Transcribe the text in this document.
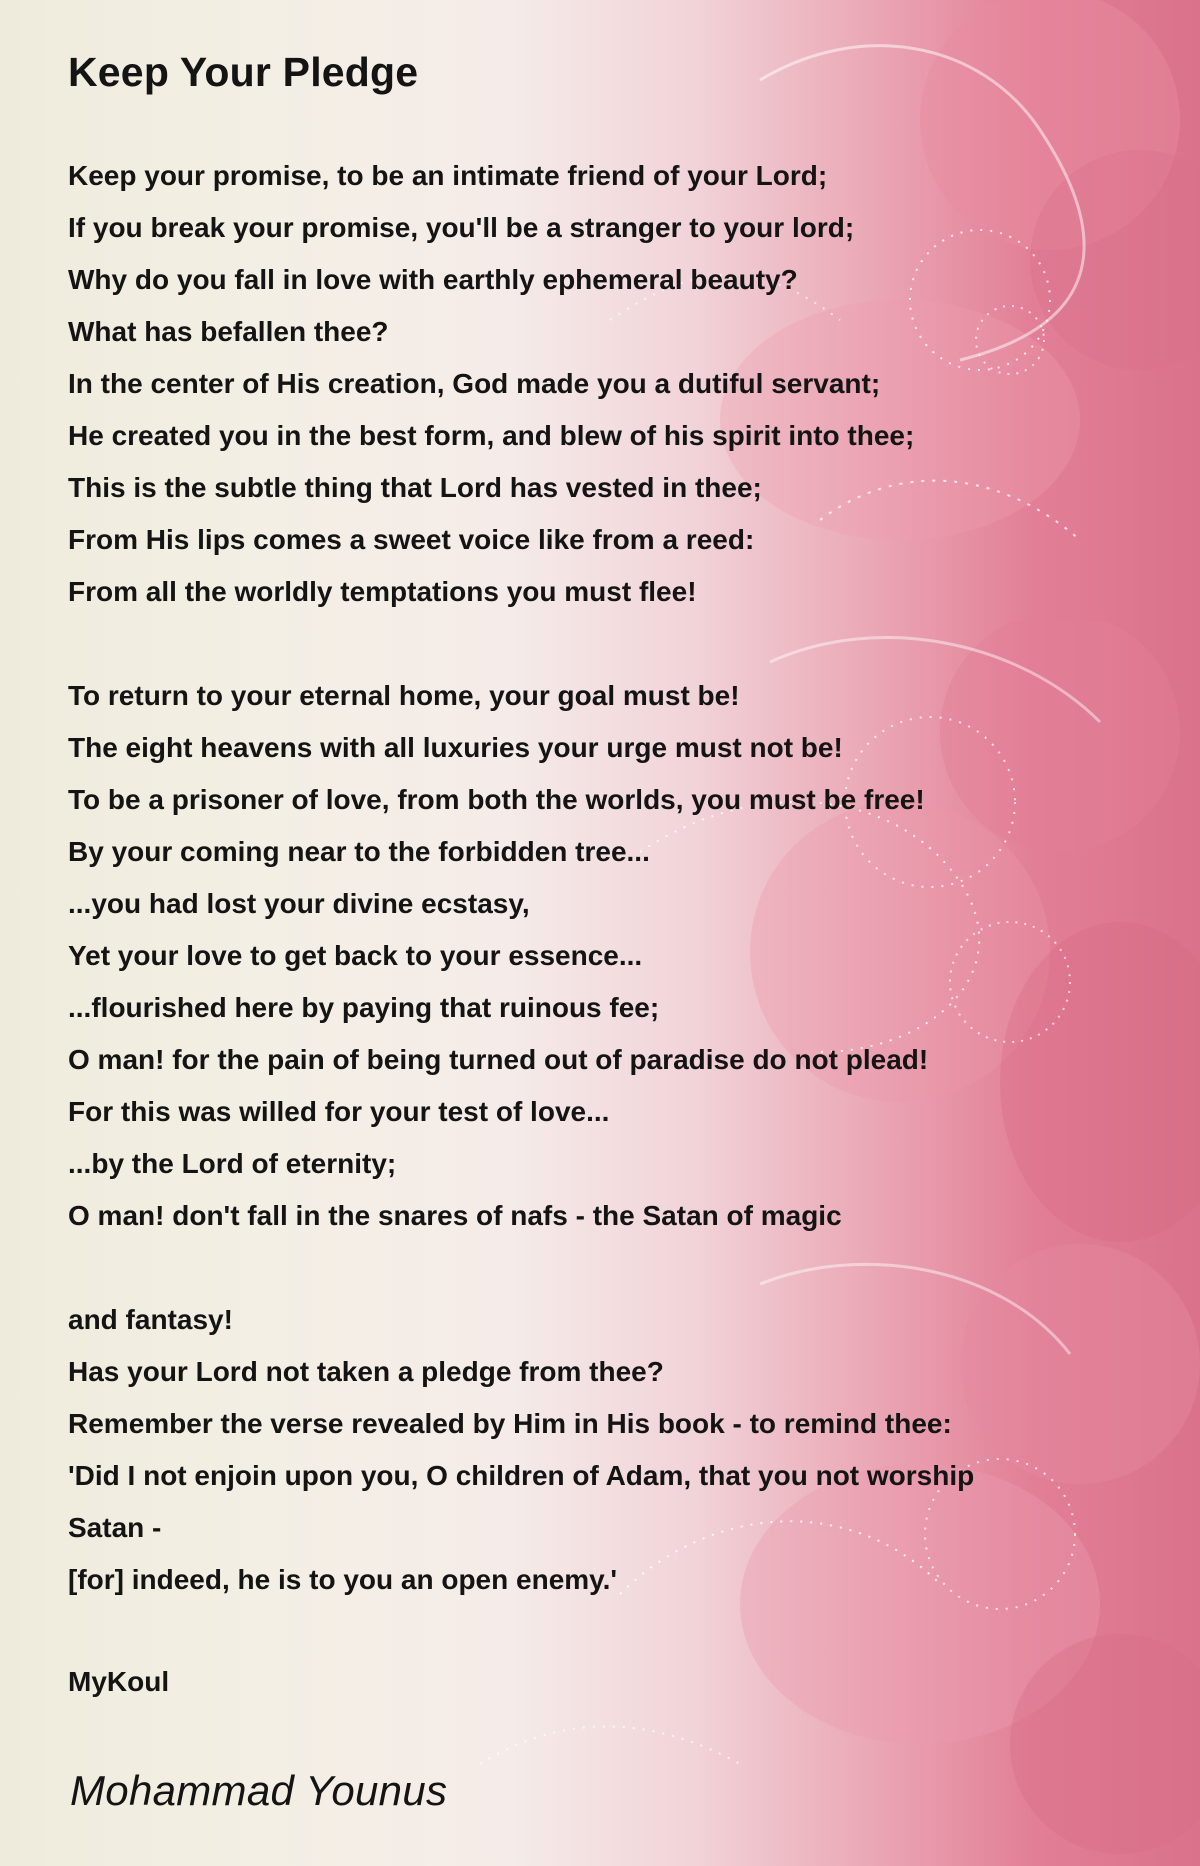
Keep Your Pledge

Keep your promise, to be an intimate friend of your Lord;
If you break your promise, you'll be a stranger to your lord;
Why do you fall in love with earthly ephemeral beauty?
What has befallen thee?
In the center of His creation, God made you a dutiful servant;
He created you in the best form, and blew of his spirit into thee;
This is the subtle thing that Lord has vested in thee;
From His lips comes a sweet voice like from a reed:
From all the worldly temptations you must flee!

To return to your eternal home, your goal must be!
The eight heavens with all luxuries your urge must not be!
To be a prisoner of love, from both the worlds, you must be free!
By your coming near to the forbidden tree...
...you had lost your divine ecstasy,
Yet your love to get back to your essence...
...flourished here by paying that ruinous fee;
O man! for the pain of being turned out of paradise do not plead!
For this was willed for your test of love...
...by the Lord of eternity;
O man! don't fall in the snares of nafs - the Satan of magic

and fantasy!
Has your Lord not taken a pledge from thee?
Remember the verse revealed by Him in His book - to remind thee:
'Did I not enjoin upon you, O children of Adam, that you not worship
Satan -
[for] indeed, he is to you an open enemy.'

MyKoul

Mohammad Younus
